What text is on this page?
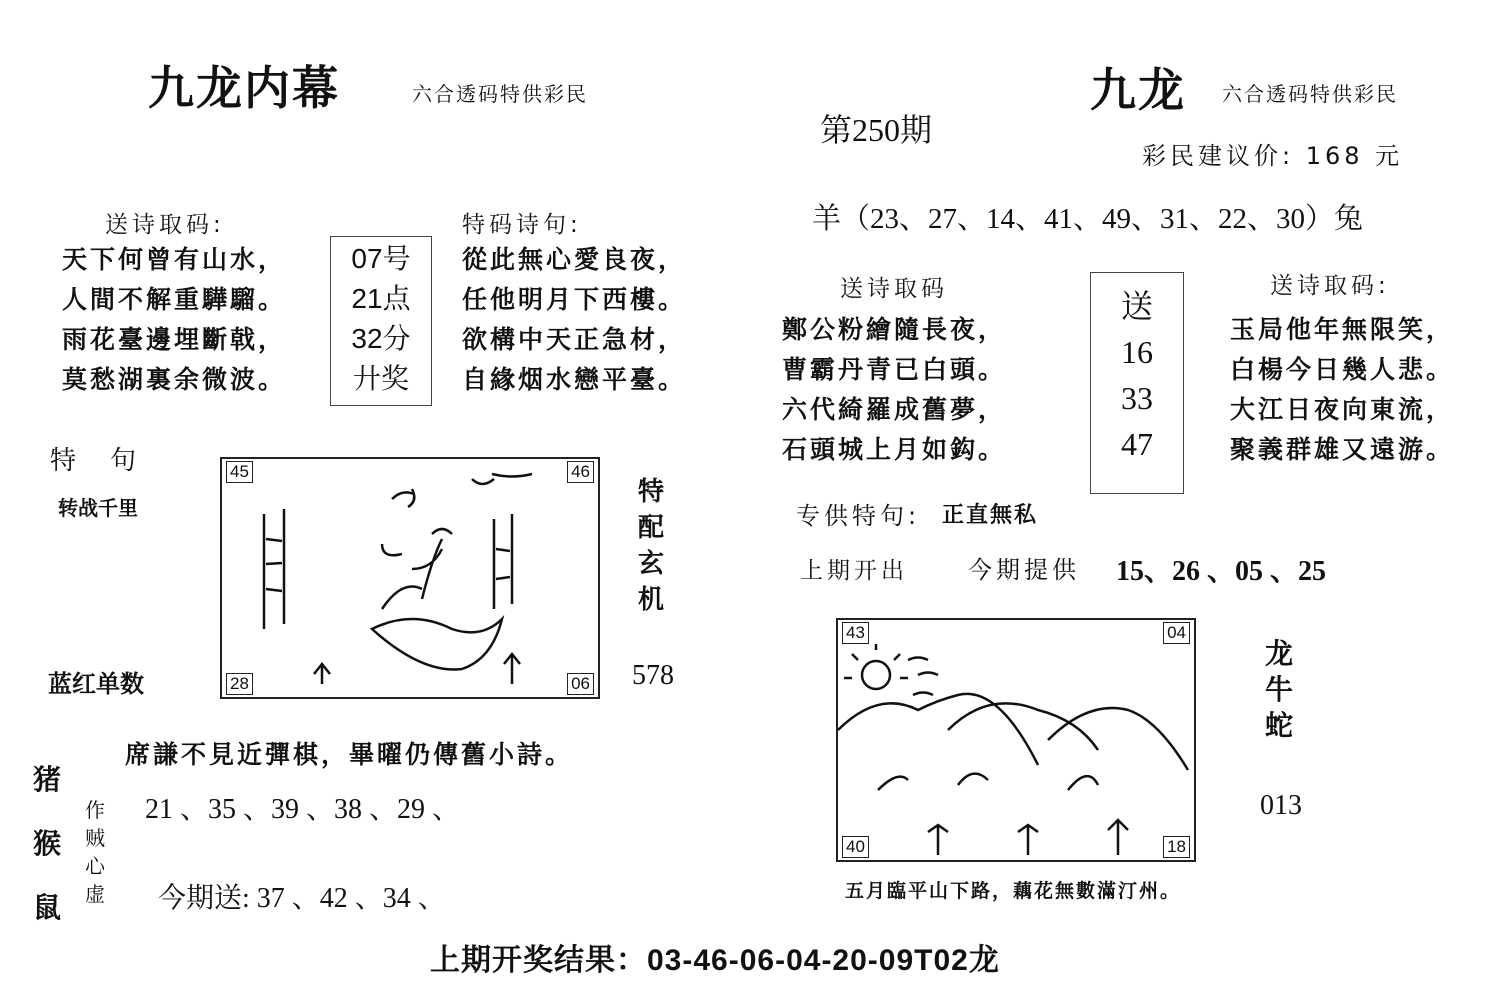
九龙内幕	六合透码特供彩民
送诗取码:	特码诗句:
天下何曾有山水，
人間不解重驊騮。
雨花臺邊埋斷戟，
莫愁湖裏余微波。
07号
21点
32分
廾奖
從此無心愛良夜，
任他明月下西樓。
欲構中天正急材，
自緣烟水戀平臺。
特　句
转战千里
45	46
28	06
蓝红单数
特
配
玄
机
578
席謙不見近彈棋，畢曜仍傳舊小詩。
猪
猴
鼠
作
贼
心
虚
21 、35 、39 、38 、29 、
今期送: 37 、42 、34 、
第250期
九龙 六合透码特供彩民
彩民建议价: 168 元
羊（23、27、14、41、49、31、22、30）兔
送诗取码	送诗取码:
鄭公粉繪隨長夜，
曹霸丹青已白頭。
六代綺羅成舊夢，
石頭城上月如鈎。
送
16
33
47
玉局他年無限笑，
白楊今日幾人悲。
大江日夜向東流，
聚義群雄又遠游。
专供特句: 正直無私
上期开出	今期提供 15、26 、05 、25
43	04
40	18
龙
牛
蛇
013
五月臨平山下路，藕花無數滿汀州。
上期开奖结果：03-46-06-04-20-09T02龙
